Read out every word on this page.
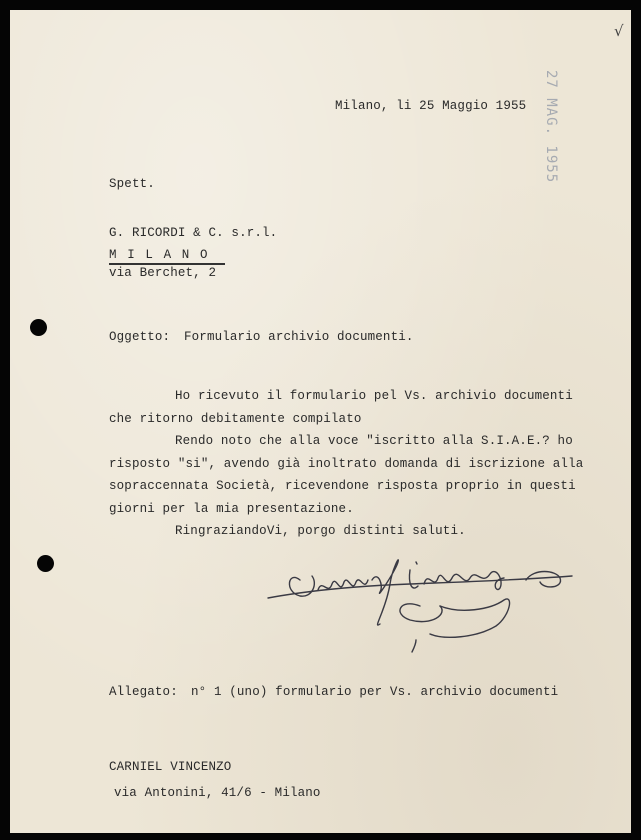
√
27 MAG. 1955
Milano, li 25 Maggio 1955
Spett.
G. RICORDI & C. s.r.l.
M I L A N O
via Berchet, 2
Oggetto: Formulario archivio documenti.
Ho ricevuto il formulario pel Vs. archivio documenti
che ritorno debitamente compilato
Rendo noto che alla voce "iscritto alla S.I.A.E.? ho
risposto "si", avendo già inoltrato domanda di iscrizione alla
sopraccennata Società, ricevendone risposta proprio in questi
giorni per la mia presentazione.
RingraziandoVi, porgo distinti saluti.
Allegato: n° 1 (uno) formulario per Vs. archivio documenti
CARNIEL VINCENZO
via Antonini, 41/6 - Milano
